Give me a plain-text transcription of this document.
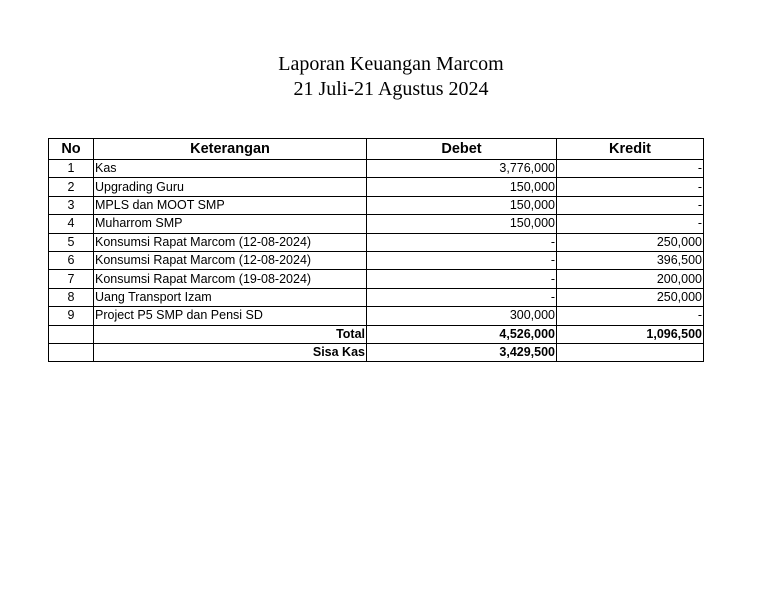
Laporan Keuangan Marcom
21 Juli-21 Agustus 2024
No	Keterangan	Debet	Kredit
1	Kas	3,776,000	-
2	Upgrading Guru	150,000	-
3	MPLS dan MOOT SMP	150,000	-
4	Muharrom SMP	150,000	-
5	Konsumsi Rapat Marcom (12-08-2024)	-	250,000
6	Konsumsi Rapat Marcom (12-08-2024)	-	396,500
7	Konsumsi Rapat Marcom (19-08-2024)	-	200,000
8	Uang Transport Izam	-	250,000
9	Project P5 SMP dan Pensi SD	300,000	-
	Total	4,526,000	1,096,500
	Sisa Kas	3,429,500	
